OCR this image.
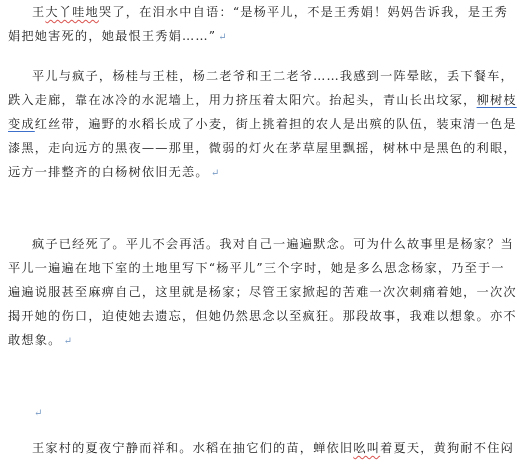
王大丫哇地哭了，在泪水中自语：“是杨平儿，不是王秀娟！妈妈告诉我，是王秀
娟把她害死的，她最恨王秀娟……” ↵

平儿与疯子，杨桂与王桂，杨二老爷和王二老爷……我感到一阵晕眩，丢下餐车，
跌入走廊，靠在冰冷的水泥墙上，用力挤压着太阳穴。抬起头，青山长出坟冢，柳树枝
变成红丝带，遍野的水稻长成了小麦，街上挑着担的农人是出殡的队伍，装束清一色是
漆黑，走向远方的黑夜——那里，微弱的灯火在茅草屋里飘摇，树林中是黑色的利眼，
远方一排整齐的白杨树依旧无恙。 ↵

疯子已经死了。平儿不会再活。我对自己一遍遍默念。可为什么故事里是杨家？当
平儿一遍遍在地下室的土地里写下“杨平儿”三个字时，她是多么思念杨家，乃至于一
遍遍说服甚至麻痹自己，这里就是杨家；尽管王家掀起的苦难一次次刺痛着她，一次次
揭开她的伤口，迫使她去遗忘，但她仍然思念以至疯狂。那段故事，我难以想象。亦不
敢想象。 ↵

↵

王家村的夏夜宁静而祥和。水稻在抽它们的苗，蝉依旧吆叫着夏天，黄狗耐不住闷
